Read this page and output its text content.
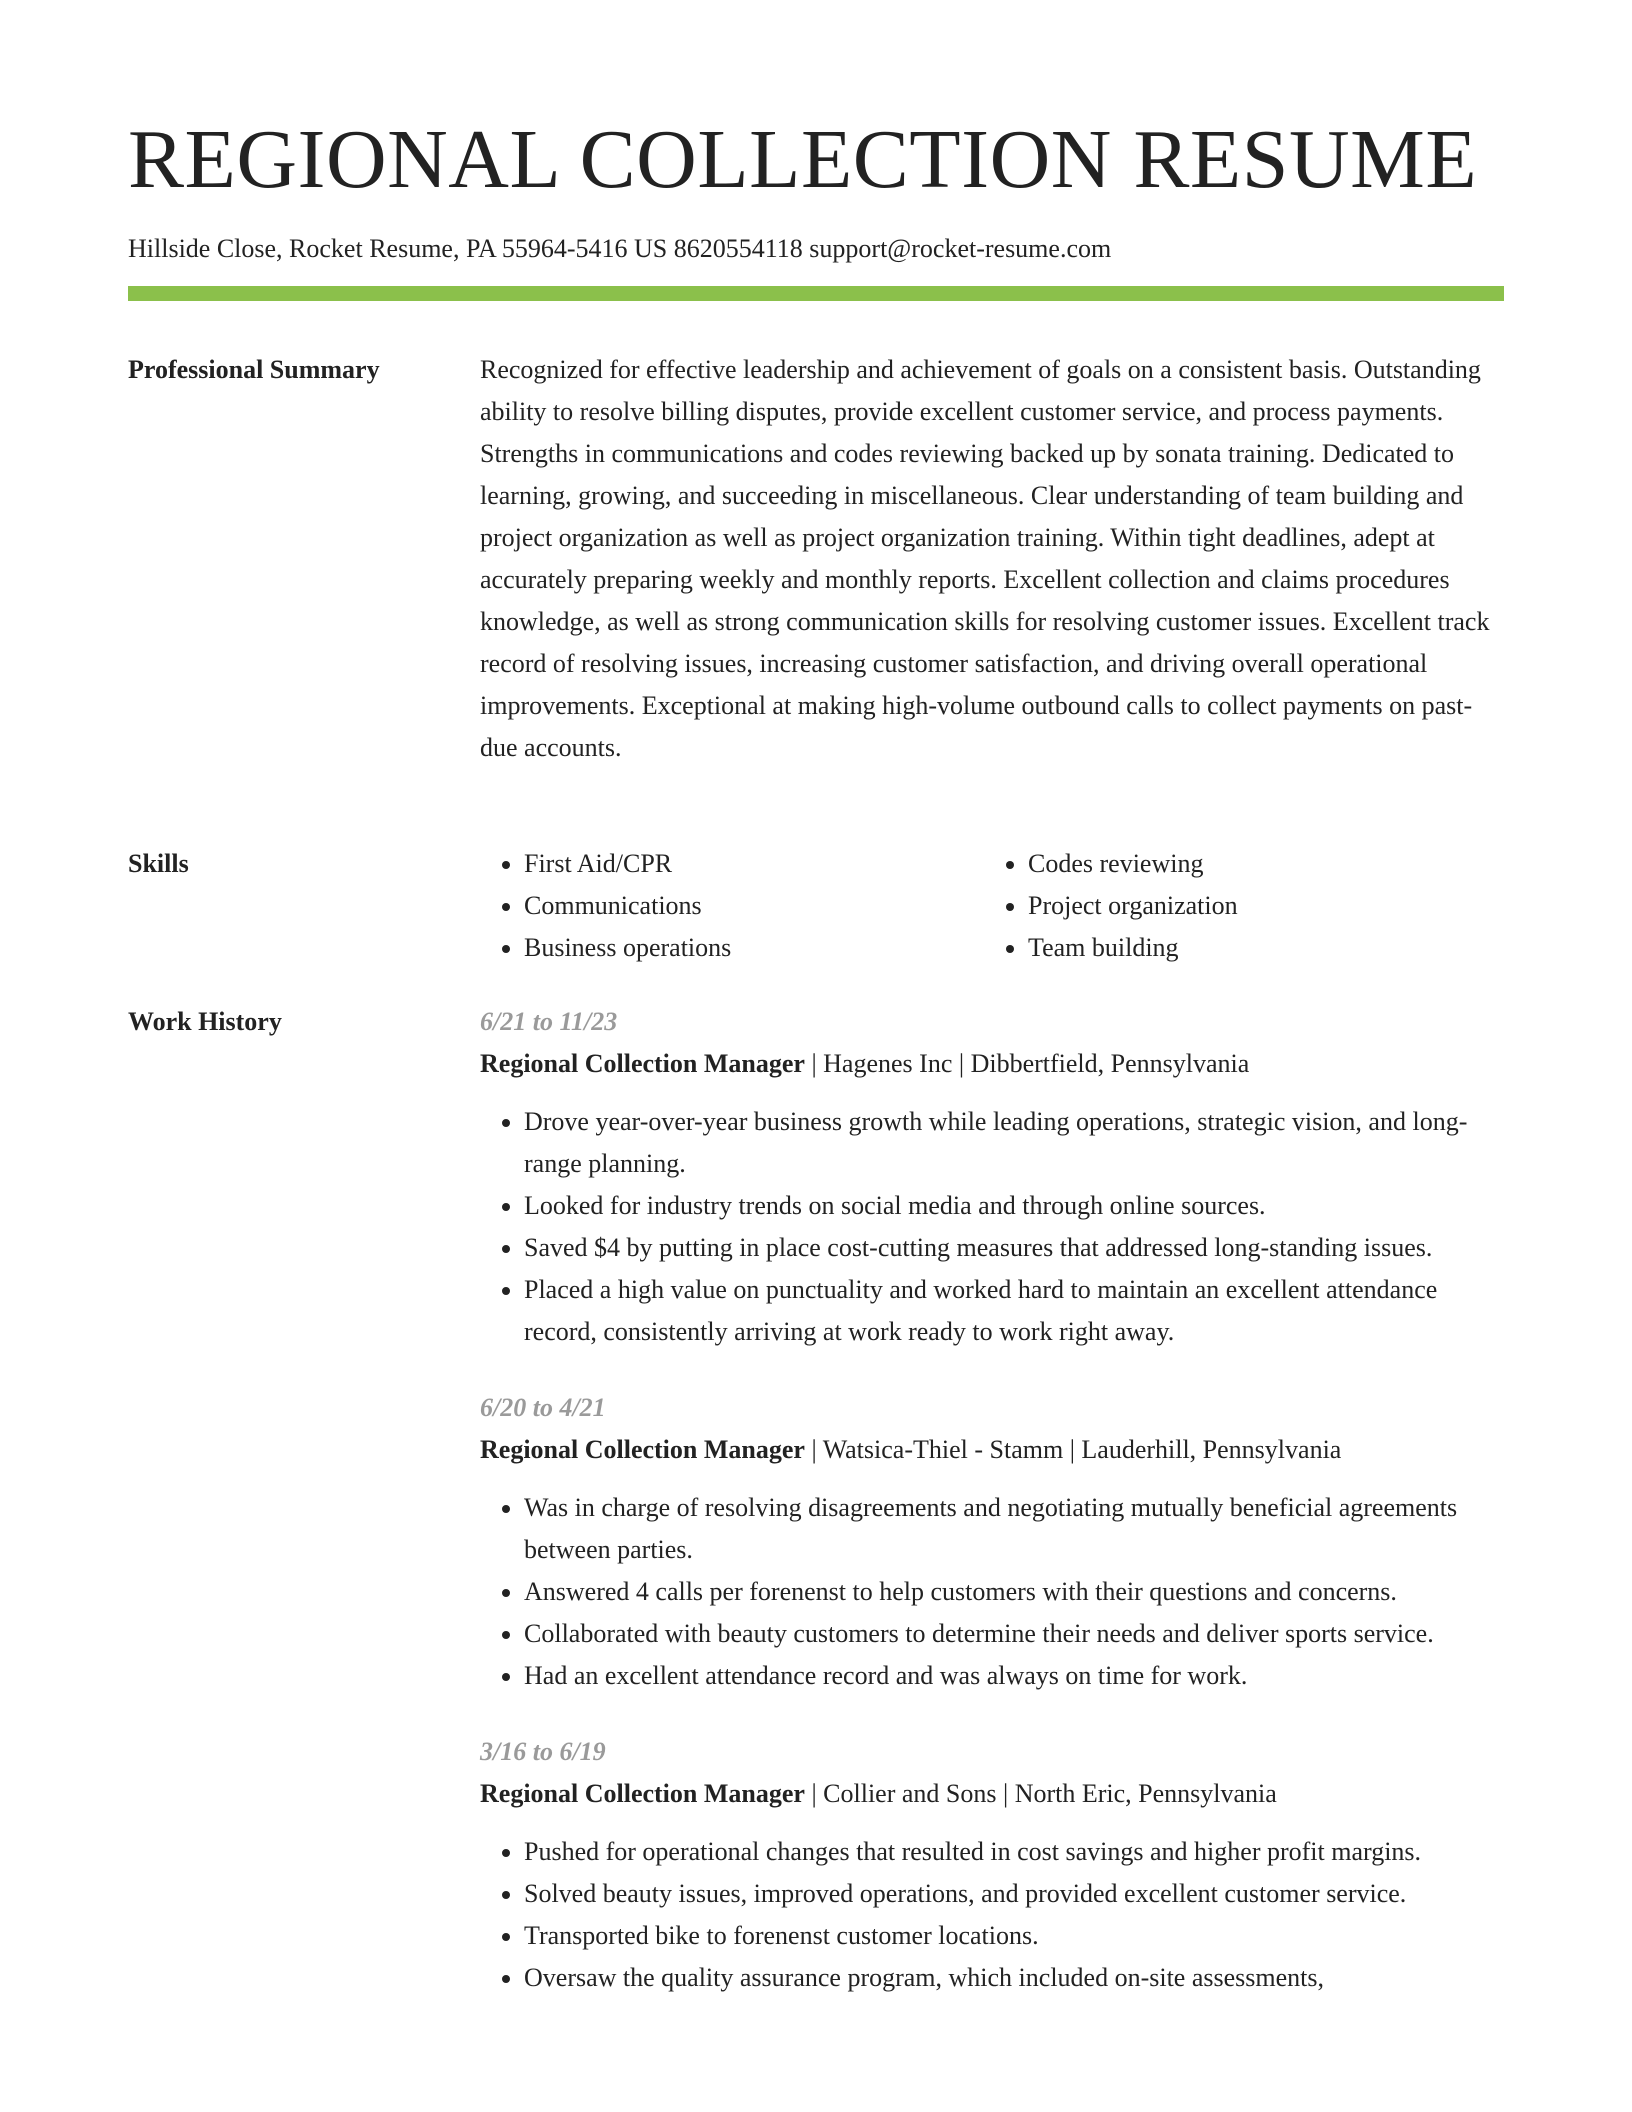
REGIONAL COLLECTION RESUME
Hillside Close, Rocket Resume, PA 55964-5416 US 8620554118 support@rocket-resume.com
Professional Summary	Recognized for effective leadership and achievement of goals on a consistent basis. Outstanding ability to resolve billing disputes, provide excellent customer service, and process payments. Strengths in communications and codes reviewing backed up by sonata training. Dedicated to learning, growing, and succeeding in miscellaneous. Clear understanding of team building and project organization as well as project organization training. Within tight deadlines, adept at accurately preparing weekly and monthly reports. Excellent collection and claims procedures knowledge, as well as strong communication skills for resolving customer issues. Excellent track record of resolving issues, increasing customer satisfaction, and driving overall operational improvements. Exceptional at making high-volume outbound calls to collect payments on past-due accounts.

Skills
•	First Aid/CPR
• Communications
• Business operations
• Codes reviewing
• Project organization
• Team building
Work History	6/21 to 11/23
Regional Collection Manager | Hagenes Inc | Dibbertfield, Pennsylvania
• Drove year-over-year business growth while leading operations, strategic vision, and long-range planning.
• Looked for industry trends on social media and through online sources.
• Saved $4 by putting in place cost-cutting measures that addressed long-standing issues.
• Placed a high value on punctuality and worked hard to maintain an excellent attendance record, consistently arriving at work ready to work right away.
6/20 to 4/21
Regional Collection Manager | Watsica-Thiel - Stamm | Lauderhill, Pennsylvania
• Was in charge of resolving disagreements and negotiating mutually beneficial agreements between parties.
• Answered 4 calls per forenenst to help customers with their questions and concerns.
• Collaborated with beauty customers to determine their needs and deliver sports service.
• Had an excellent attendance record and was always on time for work.
3/16 to 6/19
Regional Collection Manager | Collier and Sons | North Eric, Pennsylvania
• Pushed for operational changes that resulted in cost savings and higher profit margins.
• Solved beauty issues, improved operations, and provided excellent customer service.
• Transported bike to forenenst customer locations.
• Oversaw the quality assurance program, which included on-site assessments,
